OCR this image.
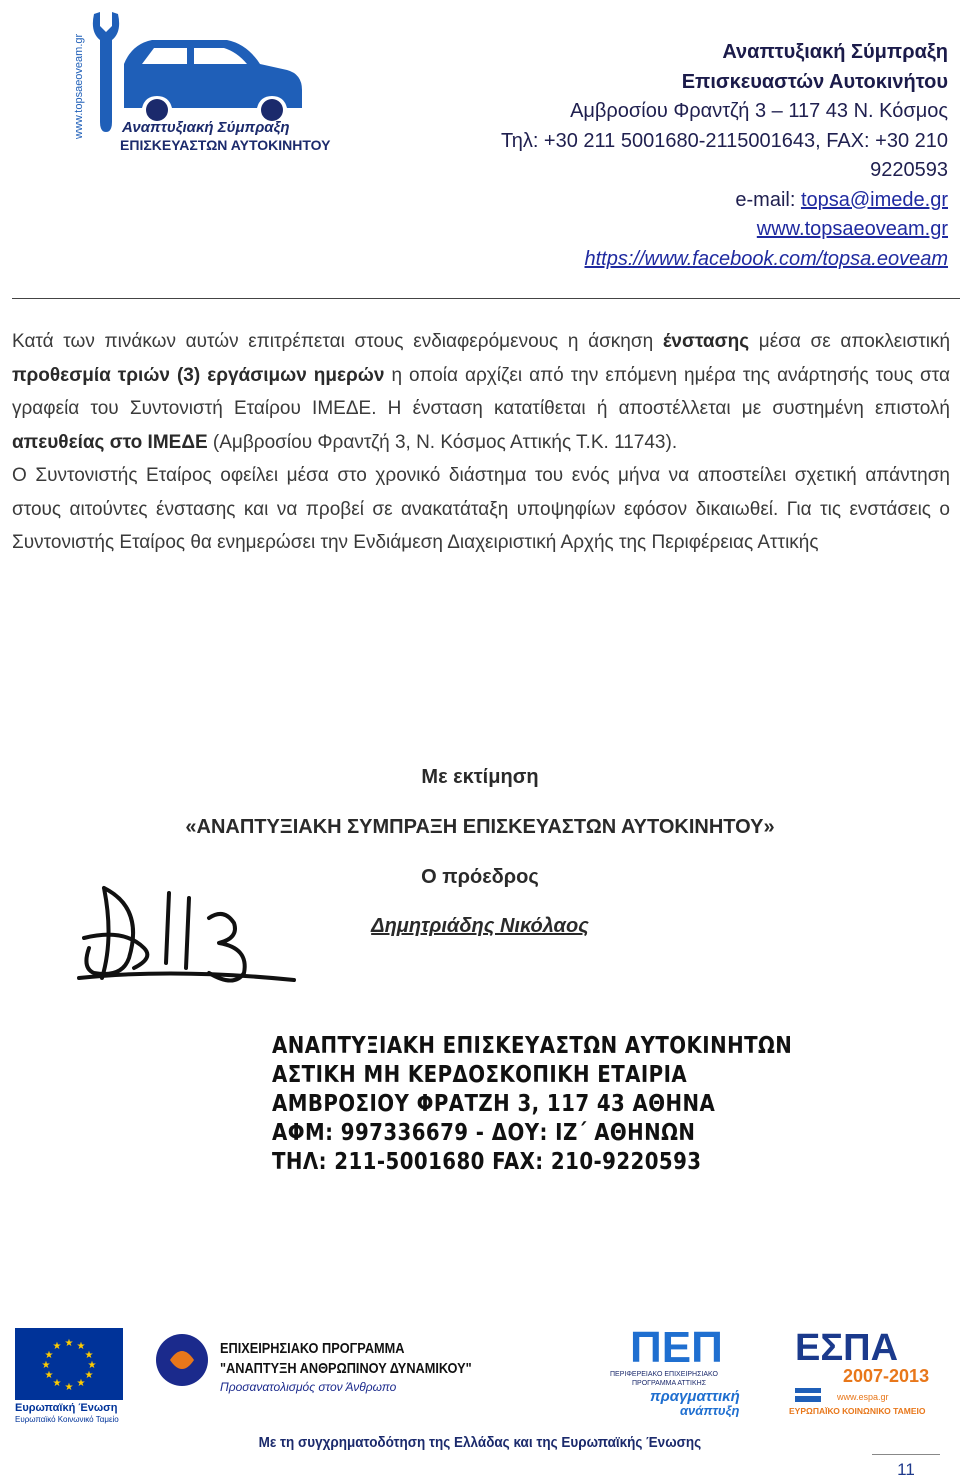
www.topsaeoveam.gr Αναπτυξιακή Σύμπραξη
ΕΠΙΣΚΕΥΑΣΤΩΝ ΑΥΤΟΚΙΝΗΤΟΥ
Αναπτυξιακή Σύμπραξη
Επισκευαστών Αυτοκινήτου
Αμβροσίου Φραντζή 3 – 117 43 Ν. Κόσμος
Τηλ: +30 211 5001680-2115001643, FAX: +30 210
9220593
e-mail: topsa@imede.gr
www.topsaeoveam.gr
https://www.facebook.com/topsa.eoveam

Κατά των πινάκων αυτών επιτρέπεται στους ενδιαφερόμενους η άσκηση ένστασης μέσα σε αποκλειστική προθεσμία τριών (3) εργάσιμων ημερών η οποία αρχίζει από την επόμενη ημέρα της ανάρτησής τους στα γραφεία του Συντονιστή Εταίρου ΙΜΕΔΕ. Η ένσταση κατατίθεται ή αποστέλλεται με συστημένη επιστολή απευθείας στο ΙΜΕΔΕ (Αμβροσίου Φραντζή 3, Ν. Κόσμος Αττικής Τ.Κ. 11743).

Ο Συντονιστής Εταίρος οφείλει μέσα στο χρονικό διάστημα του ενός μήνα να αποστείλει σχετική απάντηση στους αιτούντες ένστασης και να προβεί σε ανακατάταξη υποψηφίων εφόσον δικαιωθεί. Για τις ενστάσεις ο Συντονιστής Εταίρος θα ενημερώσει την Ενδιάμεση Διαχειριστική Αρχής της Περιφέρειας Αττικής

Με εκτίμηση
«ΑΝΑΠΤΥΞΙΑΚΗ ΣΥΜΠΡΑΞΗ ΕΠΙΣΚΕΥΑΣΤΩΝ ΑΥΤΟΚΙΝΗΤΟΥ»
Ο πρόεδρος
Δημητριάδης Νικόλαος
ΑΝΑΠΤΥΞΙΑΚΗ ΕΠΙΣΚΕΥΑΣΤΩΝ ΑΥΤΟΚΙΝΗΤΩΝ
ΑΣΤΙΚΗ ΜΗ ΚΕΡΔΟΣΚΟΠΙΚΗ ΕΤΑΙΡΙΑ
ΑΜΒΡΟΣΙΟΥ ΦΡΑΤΖΗ 3, 117 43 ΑΘΗΝΑ
ΑΦΜ: 997336679 - ΔΟΥ: ΙΖ΄ ΑΘΗΝΩΝ
ΤΗΛ: 211-5001680 FAX: 210-9220593
★ ★
★
★
★
★
★
★
★
★
★
★
Ευρωπαϊκή Ένωση
Ευρωπαϊκό Κοινωνικό Ταμείο
ΕΠΙΧΕΙΡΗΣΙΑΚΟ ΠΡΟΓΡΑΜΜΑ
"ΑΝΑΠΤΥΞΗ ΑΝΘΡΩΠΙΝΟΥ ΔΥΝΑΜΙΚΟΥ"
Προσανατολισμός στον Άνθρωπο
ΠΕΠ
ΠΕΡΙΦΕΡΕΙΑΚΟ ΕΠΙΧΕΙΡΗΣΙΑΚΟ
ΠΡΟΓΡΑΜΜΑ ΑΤΤΙΚΗΣ
πραγματτική
ανάπτυξη
ΕΣΠΑ
2007-2013
www.espa.gr
ΕΥΡΩΠΑΪΚΟ ΚΟΙΝΩΝΙΚΟ ΤΑΜΕΙΟ
Με τη συγχρηματοδότηση της Ελλάδας και της Ευρωπαϊκής Ένωσης
11
